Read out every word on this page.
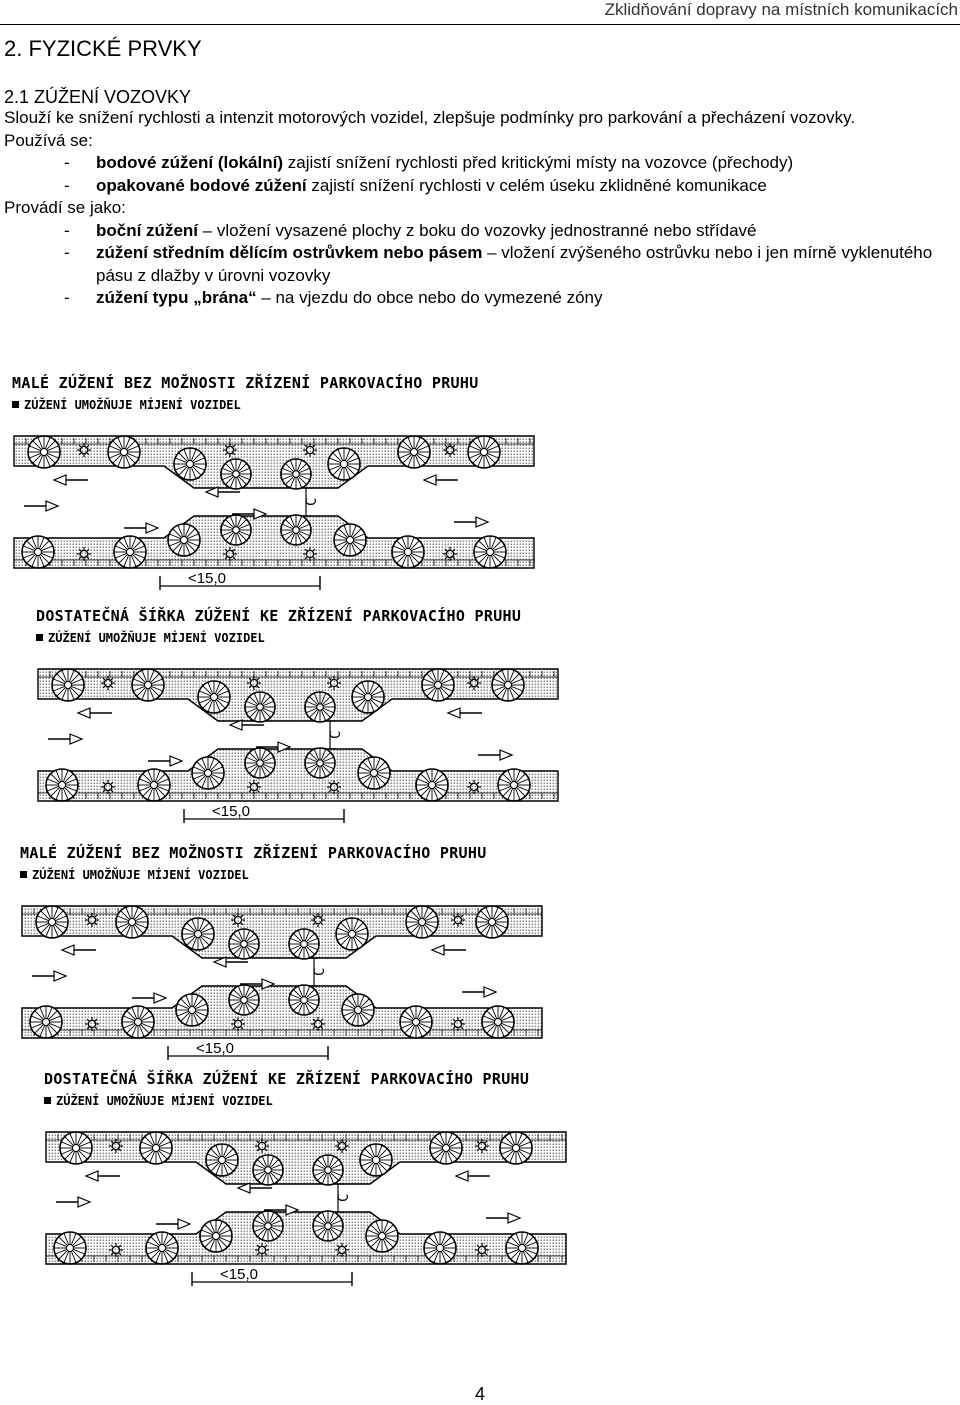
Zklidňování dopravy na místních komunikacích
2. FYZICKÉ PRVKY
2.1 ZÚŽENÍ VOZOVKY

Slouží ke snížení rychlosti a intenzit motorových vozidel, zlepšuje podmínky pro parkování a přecházení vozovky.

Používá se:

- bodové zúžení (lokální) zajistí snížení rychlosti před kritickými místy na vozovce (přechody)
- opakované bodové zúžení zajistí snížení rychlosti v celém úseku zklidněné komunikace

Provádí se jako:

- boční zúžení – vložení vysazené plochy z boku do vozovky jednostranné nebo střídavé
- zúžení středním dělícím ostrůvkem nebo pásem – vložení zvýšeného ostrůvku nebo i jen mírně vyklenutého pásu z dlažby v úrovni vozovky
- zúžení typu „brána“ – na vjezdu do obce nebo do vymezené zóny
MALÉ ZÚŽENÍ BEZ MOŽNOSTI ZŘÍZENÍ PARKOVACÍHO PRUHU
ZÚŽENÍ UMOŽŇUJE MÍJENÍ VOZIDEL
C
<15,0
DOSTATEČNÁ ŠÍŘKA ZÚŽENÍ KE ZŘÍZENÍ PARKOVACÍHO PRUHU
ZÚŽENÍ UMOŽŇUJE MÍJENÍ VOZIDEL
C
<15,0
MALÉ ZÚŽENÍ BEZ MOŽNOSTI ZŘÍZENÍ PARKOVACÍHO PRUHU
ZÚŽENÍ UMOŽŇUJE MÍJENÍ VOZIDEL
C
<15,0
DOSTATEČNÁ ŠÍŘKA ZÚŽENÍ KE ZŘÍZENÍ PARKOVACÍHO PRUHU
ZÚŽENÍ UMOŽŇUJE MÍJENÍ VOZIDEL
C
<15,0
4
